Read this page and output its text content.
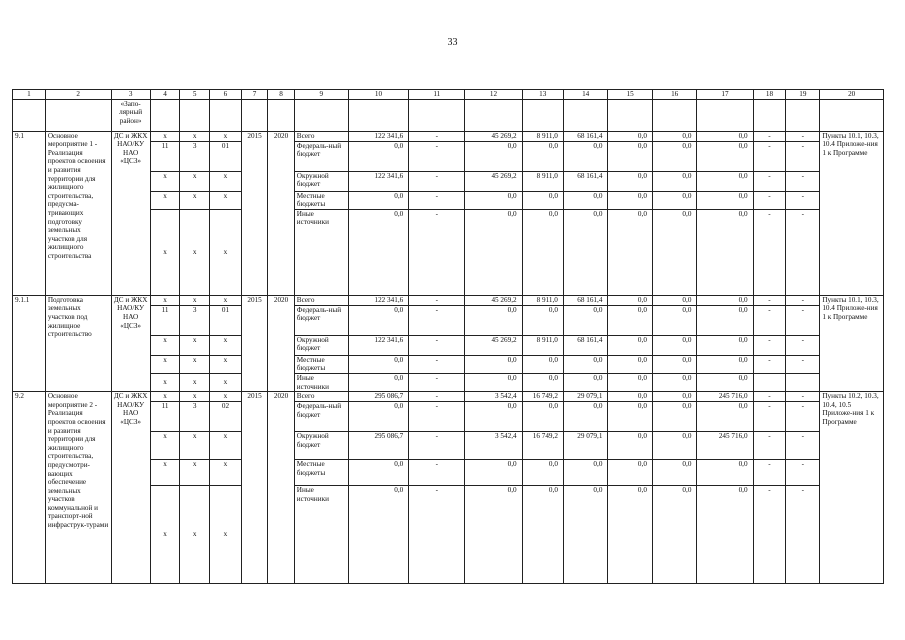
33
1	2	3	4	5	6	7	8	9	10	11	12	13	14	15	16	17	18	19	20
		«Запо-лярный район»																	
9.1	Основное мероприятие 1 - Реализация проектов освоения и развития территории для жилищного строительства, предусма-тривающих подготовку земельных участков для жилищного строительства	ДС и ЖКХ НАО/КУ НАО «ЦСЗ»	х	х	х	2015	2020	Всего	122 341,6	-	45 269,2	8 911,0	68 161,4	0,0	0,0	0,0	-	-	Пункты 10.1, 10.3, 10.4 Приложе-ния 1 к Программе
			11	3	01			Федераль-ный бюджет	0,0	-	0,0	0,0	0,0	0,0	0,0	0,0	-	-	
			х	х	х			Окружной бюджет	122 341,6	-	45 269,2	8 911,0	68 161,4	0,0	0,0	0,0	-	-	
			х	х	х			Местные бюджеты	0,0	-	0,0	0,0	0,0	0,0	0,0	0,0	-	-	
			х	х	х			Иные источники	0,0	-	0,0	0,0	0,0	0,0	0,0	0,0	-	-	
9.1.1	Подготовка земельных участков под жилищное строительство	ДС и ЖКХ НАО/КУ НАО «ЦСЗ»	х	х	х	2015	2020	Всего	122 341,6	-	45 269,2	8 911,0	68 161,4	0,0	0,0	0,0	-	-	Пункты 10.1, 10.3, 10.4 Приложе-ния 1 к Программе
			11	3	01			Федераль-ный бюджет	0,0	-	0,0	0,0	0,0	0,0	0,0	0,0	-	-	
			х	х	х			Окружной бюджет	122 341,6	-	45 269,2	8 911,0	68 161,4	0,0	0,0	0,0	-	-	
			х	х	х			Местные бюджеты	0,0	-	0,0	0,0	0,0	0,0	0,0	0,0	-	-	
			х	х	х			Иные источники	0,0	-	0,0	0,0	0,0	0,0	0,0	0,0			
9.2	Основное мероприятие 2 - Реализация проектов освоения и развития территории для жилищного строительства, предусмотри-вающих обеспечение земельных участков коммунальной и транспорт-ной инфраструк-турами	ДС и ЖКХ НАО/КУ НАО «ЦСЗ»	х	х	х	2015	2020	Всего	295 086,7	-	3 542,4	16 749,2	29 079,1	0,0	0,0	245 716,0	-	-	Пункты 10.2, 10.3, 10.4, 10.5 Приложе-ния 1 к Программе
			11	3	02			Федераль-ный бюджет	0,0	-	0,0	0,0	0,0	0,0	0,0	0,0	-	-	
			х	х	х			Окружной бюджет	295 086,7	-	3 542,4	16 749,2	29 079,1	0,0	0,0	245 716,0	-	-	
			х	х	х			Местные бюджеты	0,0	-	0,0	0,0	0,0	0,0	0,0	0,0	-	-	
			х	х	х			Иные источники	0,0	-	0,0	0,0	0,0	0,0	0,0	0,0	-	-	
